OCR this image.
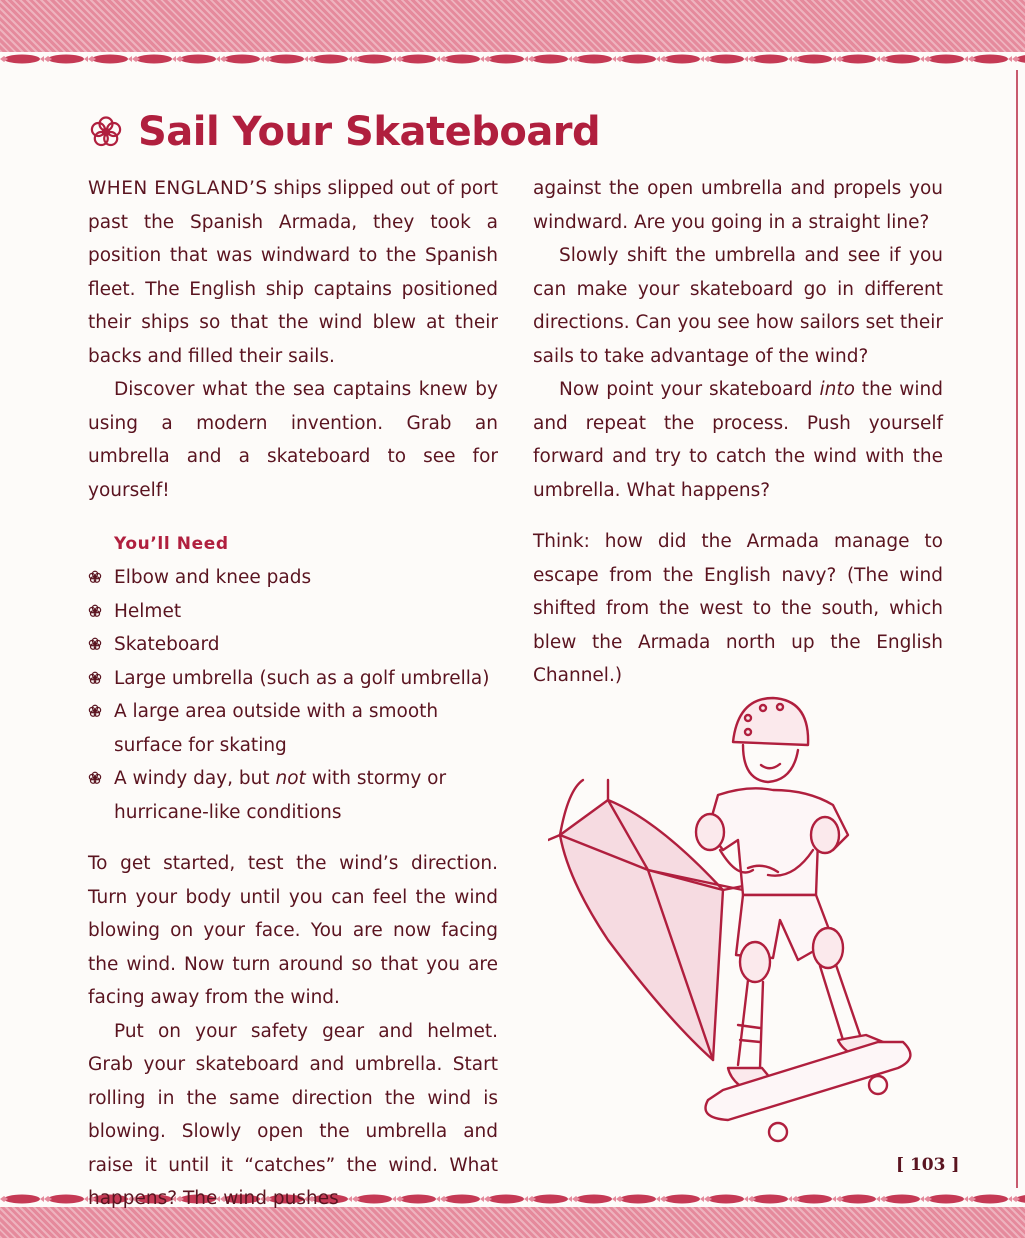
Sail Your Skateboard

WHEN ENGLAND’S ships slipped out of port past the Spanish Armada, they took a position that was windward to the Spanish fleet. The English ship captains positioned their ships so that the wind blew at their backs and filled their sails.

Discover what the sea captains knew by using a modern invention. Grab an umbrella and a skateboard to see for yourself!

You’ll Need
Elbow and knee pads
Helmet
Skateboard
Large umbrella (such as a golf umbrella)
A large area outside with a smooth surface for skating
A windy day, but not with stormy or hurricane-like conditions

To get started, test the wind’s direction. Turn your body until you can feel the wind blowing on your face. You are now facing the wind. Now turn around so that you are facing away from the wind.

Put on your safety gear and helmet. Grab your skateboard and umbrella. Start rolling in the same direction the wind is blowing. Slowly open the umbrella and raise it until it “catches” the wind. What happens? The wind pushes

against the open umbrella and propels you windward. Are you going in a straight line?

Slowly shift the umbrella and see if you can make your skateboard go in different directions. Can you see how sailors set their sails to take advantage of the wind?

Now point your skateboard into the wind and repeat the process. Push yourself forward and try to catch the wind with the umbrella. What happens?

Think: how did the Armada manage to escape from the English navy? (The wind shifted from the west to the south, which blew the Armada north up the English Channel.)

[ 103 ]
